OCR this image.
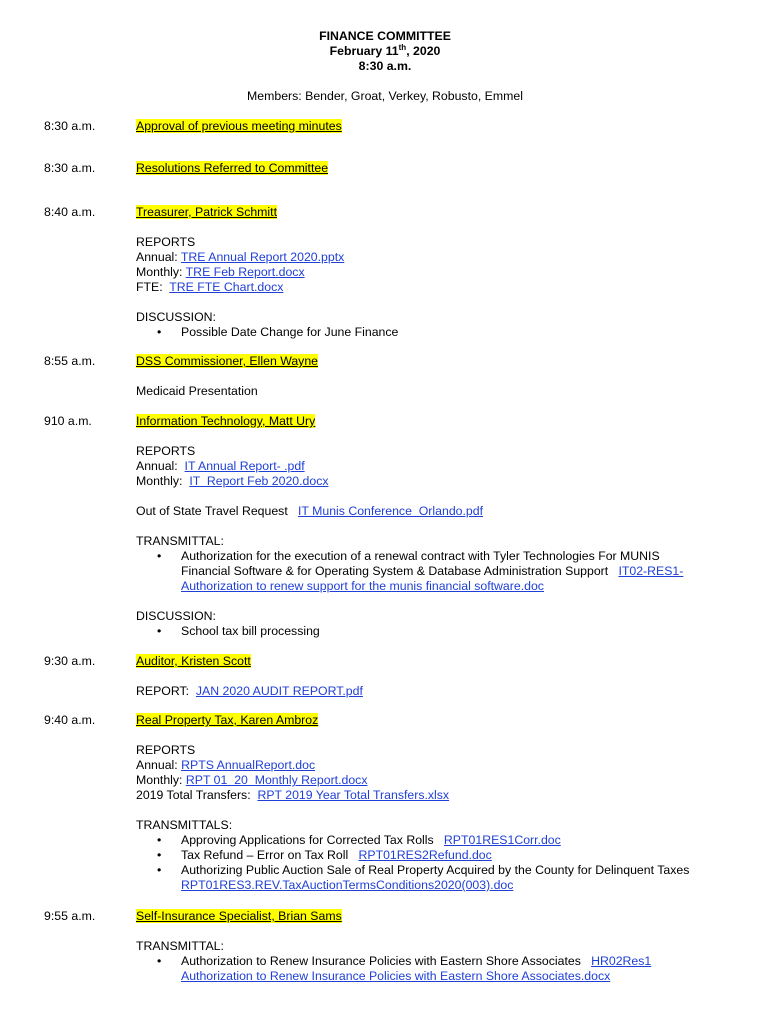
FINANCE COMMITTEE
February 11th, 2020
8:30 a.m.
Members: Bender, Groat, Verkey, Robusto, Emmel
8:30 a.m.	Approval of previous meeting minutes
8:30 a.m.	Resolutions Referred to Committee
8:40 a.m.	Treasurer, Patrick Schmitt
REPORTS
Annual: TRE Annual Report 2020.pptx
Monthly: TRE Feb Report.docx
FTE:  TRE FTE Chart.docx
DISCUSSION:
• Possible Date Change for June Finance
8:55 a.m.	DSS Commissioner, Ellen Wayne
Medicaid Presentation
910 a.m.	Information Technology, Matt Ury
REPORTS
Annual:  IT Annual Report- .pdf
Monthly:  IT  Report Feb 2020.docx
Out of State Travel Request   IT Munis Conference  Orlando.pdf
TRANSMITTAL:
• Authorization for the execution of a renewal contract with Tyler Technologies For MUNIS
Financial Software & for Operating System & Database Administration Support   IT02-RES1-
Authorization to renew support for the munis financial software.doc
DISCUSSION:
• School tax bill processing
9:30 a.m.	Auditor, Kristen Scott
REPORT:  JAN 2020 AUDIT REPORT.pdf
9:40 a.m.	Real Property Tax, Karen Ambroz
REPORTS
Annual: RPTS AnnualReport.doc
Monthly: RPT 01  20  Monthly Report.docx
2019 Total Transfers:  RPT 2019 Year Total Transfers.xlsx
TRANSMITTALS:
• Approving Applications for Corrected Tax Rolls   RPT01RES1Corr.doc
• Tax Refund – Error on Tax Roll   RPT01RES2Refund.doc
• Authorizing Public Auction Sale of Real Property Acquired by the County for Delinquent Taxes
RPT01RES3.REV.TaxAuctionTermsConditions2020(003).doc
9:55 a.m.	Self-Insurance Specialist, Brian Sams
TRANSMITTAL:
• Authorization to Renew Insurance Policies with Eastern Shore Associates   HR02Res1
Authorization to Renew Insurance Policies with Eastern Shore Associates.docx
